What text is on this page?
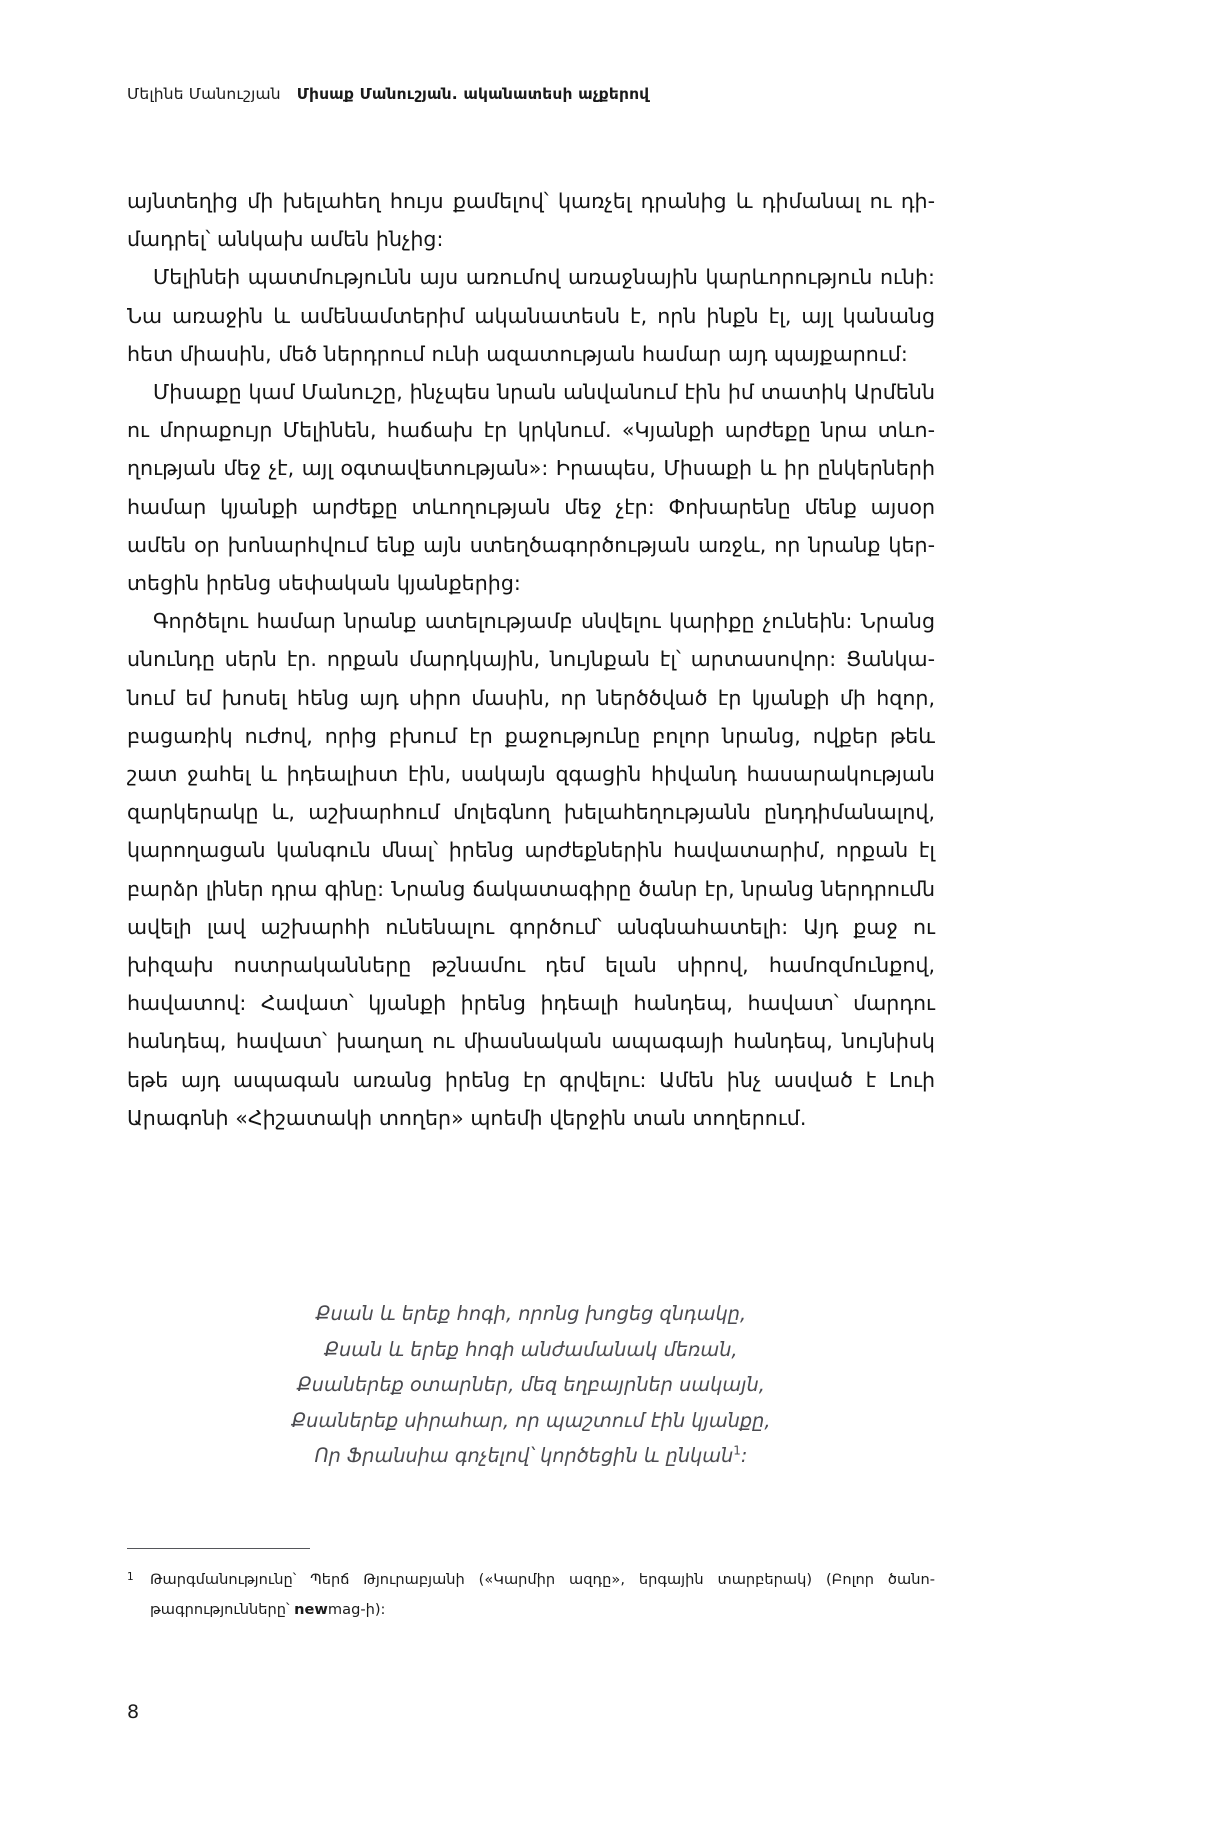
Մելինե Մանուշյան Միսաք Մանուշյան. ականատեսի աչքերով

այնտեղից մի խելահեղ հույս քամելով՝ կառչել դրանից և դիմանալ ու դիմադրել՝ անկախ ամեն ինչից:

Մելինեի պատմությունն այս առումով առաջնային կարևորություն ունի: Նա առաջին և ամենամտերիմ ականատեսն է, որն ինքն էլ, այլ կանանց հետ միասին, մեծ ներդրում ունի ազատության համար այդ պայքարում:

Միսաքը կամ Մանուշը, ինչպես նրան անվանում էին իմ տատիկ Արմենն ու մորաքույր Մելինեն, հաճախ էր կրկնում. «Կյանքի արժեքը նրա տևողության մեջ չէ, այլ օգտավետության»: Իրապես, Միսաքի և իր ընկերների համար կյանքի արժեքը տևողության մեջ չէր: Փոխարենը մենք այսօր ամեն օր խոնարհվում ենք այն ստեղծագործության առջև, որ նրանք կերտեցին իրենց սեփական կյանքերից:

Գործելու համար նրանք ատելությամբ սնվելու կարիքը չունեին: Նրանց սնունդը սերն էր. որքան մարդկային, նույնքան էլ՝ արտասովոր: Ցանկանում եմ խոսել հենց այդ սիրո մասին, որ ներծծված էր կյանքի մի հզոր, բացառիկ ուժով, որից բխում էր քաջությունը բոլոր նրանց, ովքեր թեև շատ ջահել և իդեալիստ էին, սակայն զգացին հիվանդ հասարակության զարկերակը և, աշխարհում մոլեգնող խելահեղությանն ընդդիմանալով, կարողացան կանգուն մնալ՝ իրենց արժեքներին հավատարիմ, որքան էլ բարձր լիներ դրա գինը: Նրանց ճակատագիրը ծանր էր, նրանց ներդրումն ավելի լավ աշխարհի ունենալու գործում՝ անգնահատելի: Այդ քաջ ու խիզախ ոստրականները թշնամու դեմ ելան սիրով, համոզմունքով, հավատով: Հավատ՝ կյանքի իրենց իդեալի հանդեպ, հավատ՝ մարդու հանդեպ, հավատ՝ խաղաղ ու միասնական ապագայի հանդեպ, նույնիսկ եթե այդ ապագան առանց իրենց էր գրվելու: Ամեն ինչ ասված է Լուի Արագոնի «Հիշատակի տողեր» պոեմի վերջին տան տողերում.

Քսան և երեք հոգի, որոնց խոցեց զնդակը,
Քսան և երեք հոգի անժամանակ մեռան,
Քսաներեք օտարներ, մեզ եղբայրներ սակայն,
Քսաներեք սիրահար, որ պաշտում էին կյանքը,
Որ Ֆրանսիա գոչելով՝ կործեցին և ընկան$^1$:
1 Թարգմանությունը՝ Պերճ Թյուրաբյանի («Կարմիր ազդը», երգային տարբերակ) (Բոլոր ծանոթագրությունները՝ newmag-ի):
8
